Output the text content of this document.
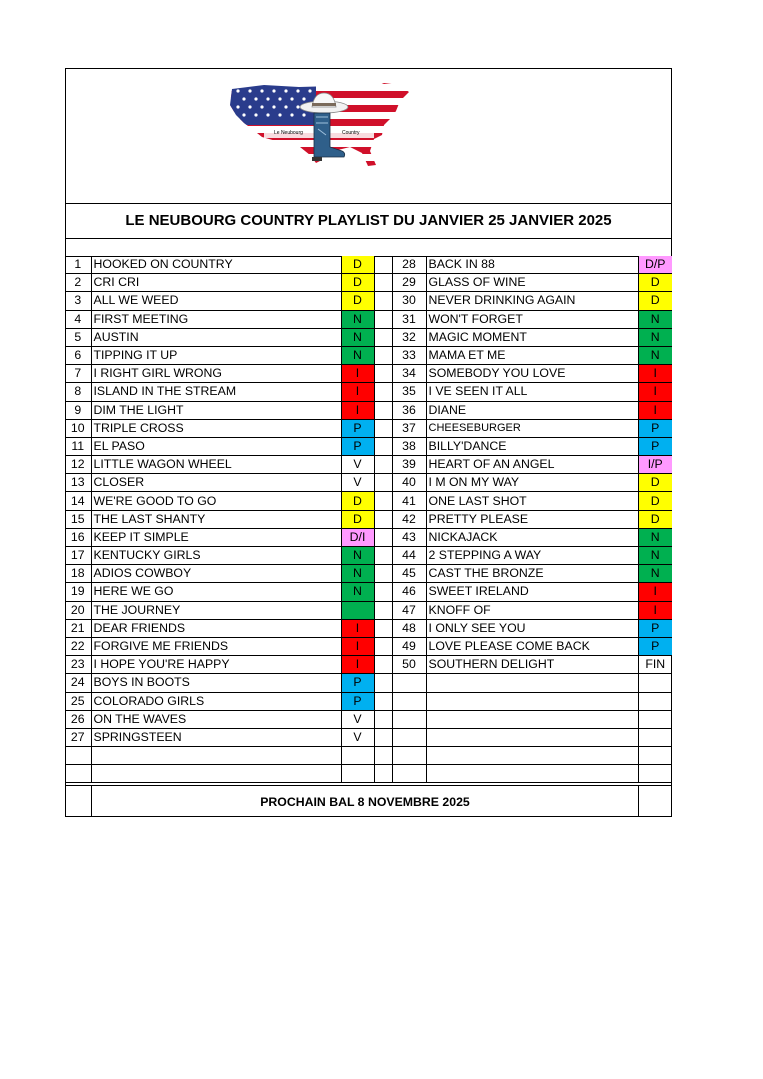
Le Neubourg	Country
LE NEUBOURG COUNTRY PLAYLIST DU JANVIER 25 JANVIER 2025
1	HOOKED ON COUNTRY	D		28	BACK IN 88	D/P
2	CRI CRI	D		29	GLASS OF WINE	D
3	ALL WE WEED	D		30	NEVER DRINKING AGAIN	D
4	FIRST MEETING	N		31	WON'T FORGET	N
5	AUSTIN	N		32	MAGIC MOMENT	N
6	TIPPING IT UP	N		33	MAMA ET ME	N
7	I RIGHT GIRL WRONG	I		34	SOMEBODY YOU LOVE	I
8	ISLAND IN THE STREAM	I		35	I VE SEEN IT ALL	I
9	DIM THE LIGHT	I		36	DIANE	I
10	TRIPLE CROSS	P		37	CHEESEBURGER	P
11	EL PASO	P		38	BILLY'DANCE	P
12	LITTLE WAGON WHEEL	V		39	HEART OF AN ANGEL	I/P
13	CLOSER	V		40	I M ON MY WAY	D
14	WE'RE GOOD TO GO	D		41	ONE LAST SHOT	D
15	THE LAST SHANTY	D		42	PRETTY PLEASE	D
16	KEEP IT SIMPLE	D/I		43	NICKAJACK	N
17	KENTUCKY GIRLS	N		44	2 STEPPING A WAY	N
18	ADIOS COWBOY	N		45	CAST THE BRONZE	N
19	HERE WE GO	N		46	SWEET IRELAND	I
20	THE JOURNEY			47	KNOFF OF	I
21	DEAR FRIENDS	I		48	I ONLY SEE YOU	P
22	FORGIVE ME FRIENDS	I		49	LOVE PLEASE COME BACK	P
23	I HOPE YOU'RE HAPPY	I		50	SOUTHERN DELIGHT	FIN
24	BOYS IN BOOTS	P				
25	COLORADO GIRLS	P				
26	ON THE WAVES	V				
27	SPRINGSTEEN	V				

PROCHAIN BAL 8 NOVEMBRE 2025
